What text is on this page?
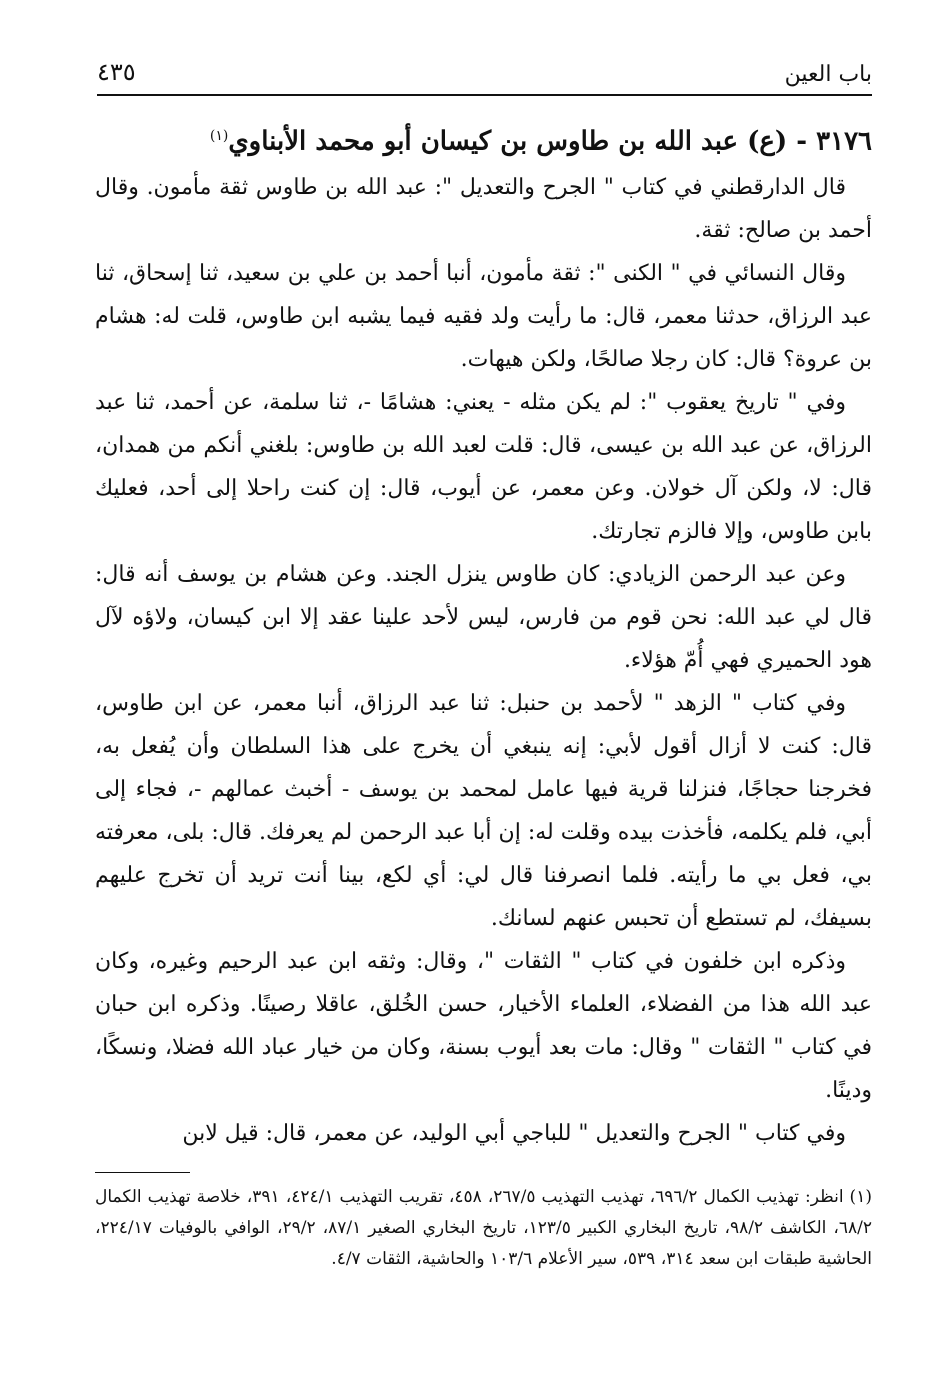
٤٣٥	باب العين
٣١٧٦ - (ع) عبد الله بن طاوس بن كيسان أبو محمد الأبناوي$^{(١)}$

قال الدارقطني في كتاب " الجرح والتعديل ": عبد الله بن طاوس ثقة مأمون. وقال أحمد بن صالح: ثقة.

وقال النسائي في " الكنى ": ثقة مأمون، أنبا أحمد بن علي بن سعيد، ثنا إسحاق، ثنا عبد الرزاق، حدثنا معمر، قال: ما رأيت ولد فقيه فيما يشبه ابن طاوس، قلت له: هشام بن عروة؟ قال: كان رجلا صالحًا، ولكن هيهات.

وفي " تاريخ يعقوب ": لم يكن مثله - يعني: هشامًا -، ثنا سلمة، عن أحمد، ثنا عبد الرزاق، عن عبد الله بن عيسى، قال: قلت لعبد الله بن طاوس: بلغني أنكم من همدان، قال: لا، ولكن آل خولان. وعن معمر، عن أيوب، قال: إن كنت راحلا إلى أحد، فعليك بابن طاوس، وإلا فالزم تجارتك.

وعن عبد الرحمن الزيادي: كان طاوس ينزل الجند. وعن هشام بن يوسف أنه قال: قال لي عبد الله: نحن قوم من فارس، ليس لأحد علينا عقد إلا ابن كيسان، ولاؤه لآل هود الحميري فهي أُمّ هؤلاء.

وفي كتاب " الزهد " لأحمد بن حنبل: ثنا عبد الرزاق، أنبا معمر، عن ابن طاوس، قال: كنت لا أزال أقول لأبي: إنه ينبغي أن يخرج على هذا السلطان وأن يُفعل به، فخرجنا حجاجًا، فنزلنا قرية فيها عامل لمحمد بن يوسف - أخبث عمالهم -، فجاء إلى أبي، فلم يكلمه، فأخذت بيده وقلت له: إن أبا عبد الرحمن لم يعرفك. قال: بلى، معرفته بي، فعل بي ما رأيته. فلما انصرفنا قال لي: أي لكع، بينا أنت تريد أن تخرج عليهم بسيفك، لم تستطع أن تحبس عنهم لسانك.

وذكره ابن خلفون في كتاب " الثقات "، وقال: وثقه ابن عبد الرحيم وغيره، وكان عبد الله هذا من الفضلاء، العلماء الأخيار، حسن الخُلق، عاقلا رصينًا. وذكره ابن حبان في كتاب " الثقات " وقال: مات بعد أيوب بسنة، وكان من خيار عباد الله فضلا، ونسكًا، ودينًا.

وفي كتاب " الجرح والتعديل " للباجي أبي الوليد، عن معمر، قال: قيل لابن

(١) انظر: تهذيب الكمال ٦٩٦/٢، تهذيب التهذيب ٢٦٧/٥، ٤٥٨، تقريب التهذيب ٤٢٤/١، ٣٩١، خلاصة تهذيب الكمال ٦٨/٢، الكاشف ٩٨/٢، تاريخ البخاري الكبير ١٢٣/٥، تاريخ البخاري الصغير ٨٧/١، ٢٩/٢، الوافي بالوفيات ٢٢٤/١٧، الحاشية طبقات ابن سعد ٣١٤، ٥٣٩، سير الأعلام ١٠٣/٦ والحاشية، الثقات ٤/٧.
